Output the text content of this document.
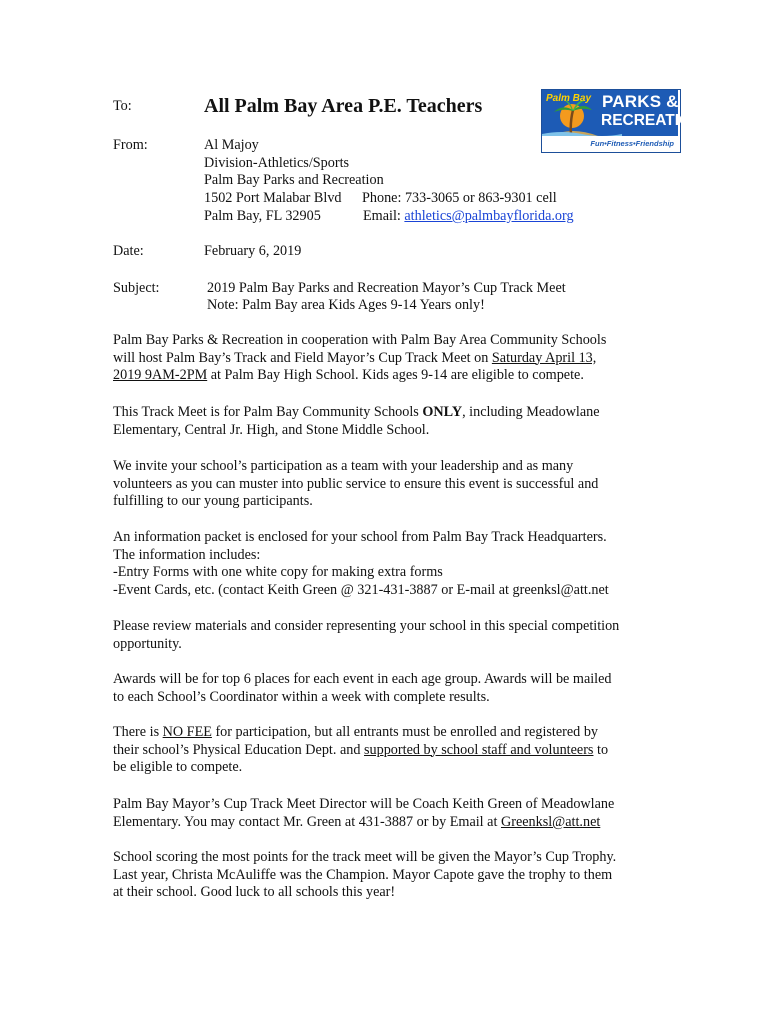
To:	All Palm Bay Area P.E. Teachers
From:	Al Majoy
Division-Athletics/Sports
Palm Bay Parks and Recreation
1502 Port Malabar Blvd Phone: 733-3065 or 863-9301 cell
Palm Bay, FL 32905	Email: athletics@palmbayflorida.org
Date:	February 6, 2019
Subject:	2019 Palm Bay Parks and Recreation Mayor’s Cup Track Meet
Note: Palm Bay area Kids Ages 9-14 Years only!
Palm Bay PARKS &
RECREATION
Fun•Fitness•Friendship
Palm Bay Parks & Recreation in cooperation with Palm Bay Area Community Schools
will host Palm Bay’s Track and Field Mayor’s Cup Track Meet on Saturday April 13,
2019 9AM-2PM at Palm Bay High School. Kids ages 9-14 are eligible to compete.
This Track Meet is for Palm Bay Community Schools ONLY, including Meadowlane
Elementary, Central Jr. High, and Stone Middle School.
We invite your school’s participation as a team with your leadership and as many
volunteers as you can muster into public service to ensure this event is successful and
fulfilling to our young participants.
An information packet is enclosed for your school from Palm Bay Track Headquarters.
The information includes:
-Entry Forms with one white copy for making extra forms
-Event Cards, etc. (contact Keith Green @ 321-431-3887 or E-mail at greenksl@att.net
Please review materials and consider representing your school in this special competition
opportunity.
Awards will be for top 6 places for each event in each age group. Awards will be mailed
to each School’s Coordinator within a week with complete results.
There is NO FEE for participation, but all entrants must be enrolled and registered by
their school’s Physical Education Dept. and supported by school staff and volunteers to
be eligible to compete.
Palm Bay Mayor’s Cup Track Meet Director will be Coach Keith Green of Meadowlane
Elementary. You may contact Mr. Green at 431-3887 or by Email at Greenksl@att.net
School scoring the most points for the track meet will be given the Mayor’s Cup Trophy.
Last year, Christa McAuliffe was the Champion. Mayor Capote gave the trophy to them
at their school. Good luck to all schools this year!
